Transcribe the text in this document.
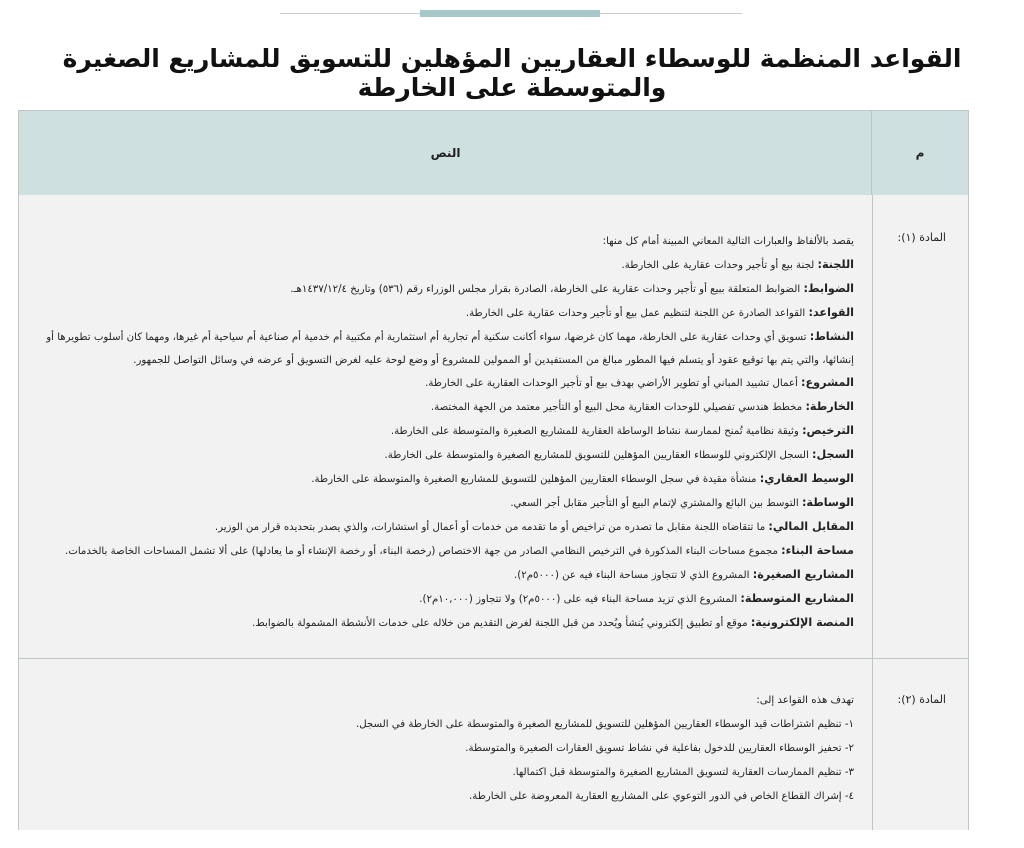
القواعد المنظمة للوسطاء العقاريين المؤهلين للتسويق للمشاريع الصغيرة والمتوسطة على الخارطة
م
النص
المادة (١):
يقصد بالألفاظ والعبارات التالية المعاني المبينة أمام كل منها:
اللجنة: لجنة بيع أو تأجير وحدات عقارية على الخارطة.
الضوابط: الضوابط المتعلقة ببيع أو تأجير وحدات عقارية على الخارطة، الصادرة بقرار مجلس الوزراء رقم (٥٣٦) وتاريخ ١٤٣٧/١٢/٤هـ.
القواعد: القواعد الصادرة عن اللجنة لتنظيم عمل بيع أو تأجير وحدات عقارية على الخارطة.
النشاط: تسويق أي وحدات عقارية على الخارطة، مهما كان غرضها، سواء أكانت سكنية أم تجارية أم استثمارية أم مكتبية أم خدمية أم صناعية أم سياحية أم غيرها، ومهما كان أسلوب تطويرها أو إنشائها، والتي يتم بها توقيع عقود أو يتسلم فيها المطور مبالغ من المستفيدين أو الممولين للمشروع أو وضع لوحة عليه لغرض التسويق أو عرضه في وسائل التواصل للجمهور.
المشروع: أعمال تشييد المباني أو تطوير الأراضي بهدف بيع أو تأجير الوحدات العقارية على الخارطة.
الخارطة: مخطط هندسي تفصيلي للوحدات العقارية محل البيع أو التأجير معتمد من الجهة المختصة.
الترخيص: وثيقة نظامية تُمنح لممارسة نشاط الوساطة العقارية للمشاريع الصغيرة والمتوسطة على الخارطة.
السجل: السجل الإلكتروني للوسطاء العقاريين المؤهلين للتسويق للمشاريع الصغيرة والمتوسطة على الخارطة.
الوسيط العقاري: منشأة مقيدة في سجل الوسطاء العقاريين المؤهلين للتسويق للمشاريع الصغيرة والمتوسطة على الخارطة.
الوساطة: التوسط بين البائع والمشتري لإتمام البيع أو التأجير مقابل أجر السعي.
المقابل المالي: ما تتقاضاه اللجنة مقابل ما تصدره من تراخيص أو ما تقدمه من خدمات أو أعمال أو استشارات، والذي يصدر بتحديده قرار من الوزير.
مساحة البناء: مجموع مساحات البناء المذكورة في الترخيص النظامي الصادر من جهة الاختصاص (رخصة البناء، أو رخصة الإنشاء أو ما يعادلها) على ألا تشمل المساحات الخاصة بالخدمات.
المشاريع الصغيرة: المشروع الذي لا تتجاوز مساحة البناء فيه عن (٥٠٠٠م٢).
المشاريع المتوسطة: المشروع الذي تزيد مساحة البناء فيه على (٥٠٠٠م٢) ولا تتجاوز (١٠,٠٠٠م٢).
المنصة الإلكترونية: موقع أو تطبيق إلكتروني يُنشأ ويُحدد من قبل اللجنة لغرض التقديم من خلاله على خدمات الأنشطة المشمولة بالضوابط.
المادة (٢):
تهدف هذه القواعد إلى:
١- تنظيم اشتراطات قيد الوسطاء العقاريين المؤهلين للتسويق للمشاريع الصغيرة والمتوسطة على الخارطة في السجل.
٢- تحفيز الوسطاء العقاريين للدخول بفاعلية في نشاط تسويق العقارات الصغيرة والمتوسطة.
٣- تنظيم الممارسات العقارية لتسويق المشاريع الصغيرة والمتوسطة قبل اكتمالها.
٤- إشراك القطاع الخاص في الدور التوعوي على المشاريع العقارية المعروضة على الخارطة.
